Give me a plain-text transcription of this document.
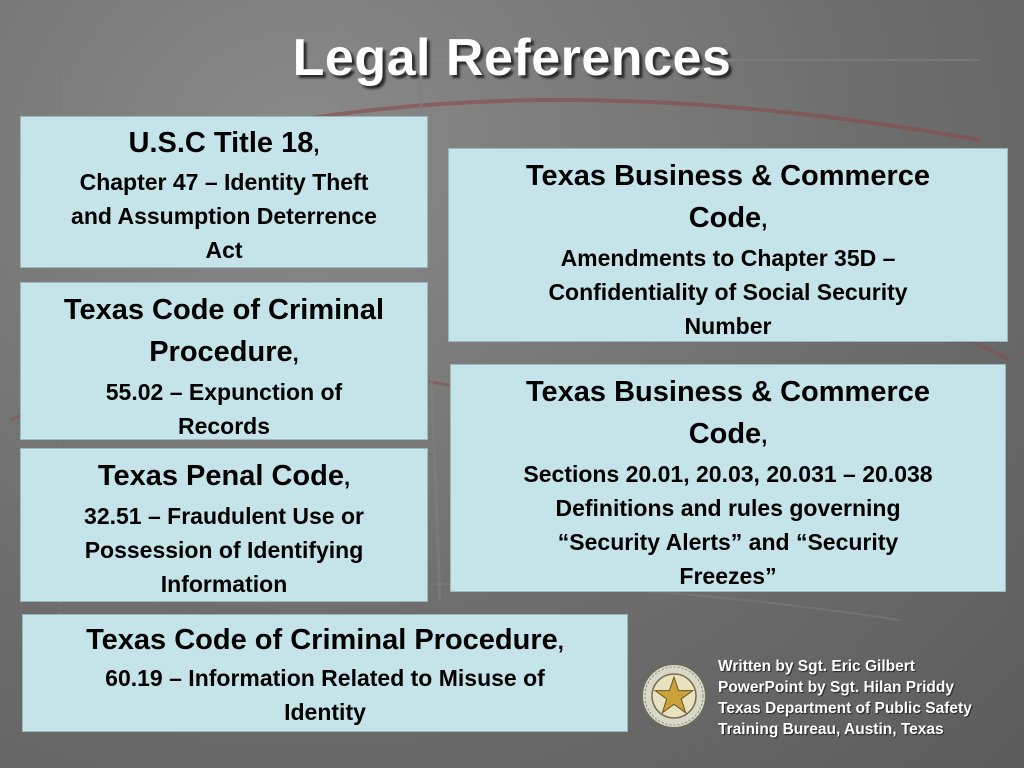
Legal References
U.S.C Title 18,
Chapter 47 – Identity Theft
and Assumption Deterrence
Act
Texas Code of Criminal
Procedure,
55.02 – Expunction of
Records
Texas Penal Code,
32.51 – Fraudulent Use or
Possession of Identifying
Information
Texas Code of Criminal Procedure,
60.19 – Information Related to Misuse of
Identity
Texas Business & Commerce
Code,
Amendments to Chapter 35D –
Confidentiality of Social Security
Number
Texas Business & Commerce
Code,
Sections 20.01, 20.03, 20.031 – 20.038
Definitions and rules governing
“Security Alerts” and “Security
Freezes”
Written by Sgt. Eric Gilbert
PowerPoint by Sgt. Hilan Priddy
Texas Department of Public Safety
Training Bureau, Austin, Texas
